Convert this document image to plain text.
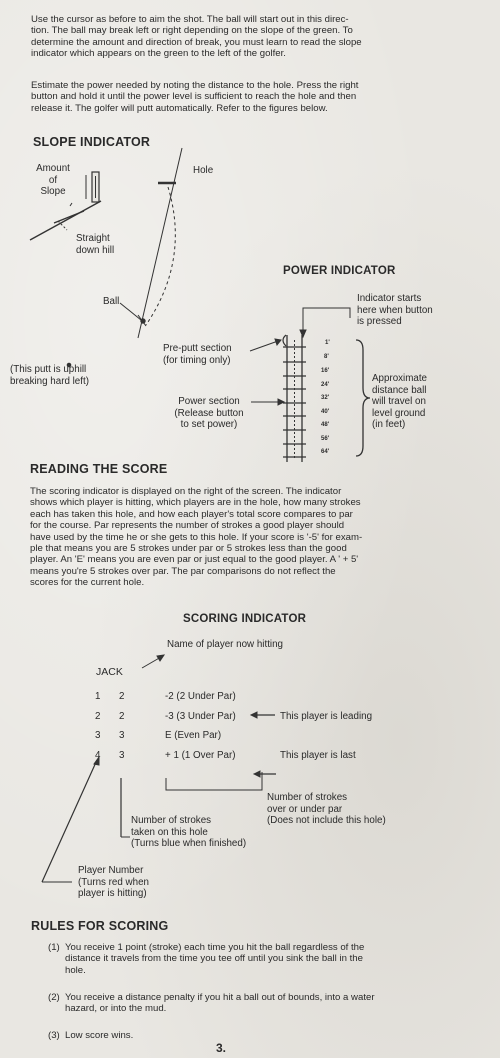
Use the cursor as before to aim the shot. The ball will start out in this direc-
tion. The ball may break left or right depending on the slope of the green. To
determine the amount and direction of break, you must learn to read the slope
indicator which appears on the green to the left of the golfer.
Estimate the power needed by noting the distance to the hole. Press the right
button and hold it until the power level is sufficient to reach the hole and then
release it. The golfer will putt automatically. Refer to the figures below.
SLOPE INDICATOR
Amount
of
Slope
Hole
Straight
down hill
Ball
(This putt is uphill
breaking hard left)
POWER INDICATOR
Indicator starts
here when button
is pressed
Pre-putt section
(for timing only)
Power section
(Release button
to set power)
1'
8'
16'
24'
32'
40'
48'
56'
64'
Approximate
distance ball
will travel on
level ground
(in feet)
READING THE SCORE
The scoring indicator is displayed on the right of the screen. The indicator
shows which player is hitting, which players are in the hole, how many strokes
each has taken this hole, and how each player's total score compares to par
for the course. Par represents the number of strokes a good player should
have used by the time he or she gets to this hole. If your score is '-5' for exam-
ple that means you are 5 strokes under par or 5 strokes less than the good
player. An 'E' means you are even par or just equal to the good player. A ' + 5'
means you're 5 strokes over par. The par comparisons do not reflect the
scores for the current hole.
SCORING INDICATOR
Name of player now hitting
JACK
1 2	-2 (2 Under Par)
2 2	-3 (3 Under Par)	This player is leading
3 3	E (Even Par)
4 3	+ 1 (1 Over Par)	This player is last
Number of strokes
over or under par
(Does not include this hole)
Number of strokes
taken on this hole
(Turns blue when finished)
Player Number
(Turns red when
player is hitting)
RULES FOR SCORING
(1) You receive 1 point (stroke) each time you hit the ball regardless of the
distance it travels from the time you tee off until you sink the ball in the
hole.
(2) You receive a distance penalty if you hit a ball out of bounds, into a water
hazard, or into the mud.
(3) Low score wins.
3.
